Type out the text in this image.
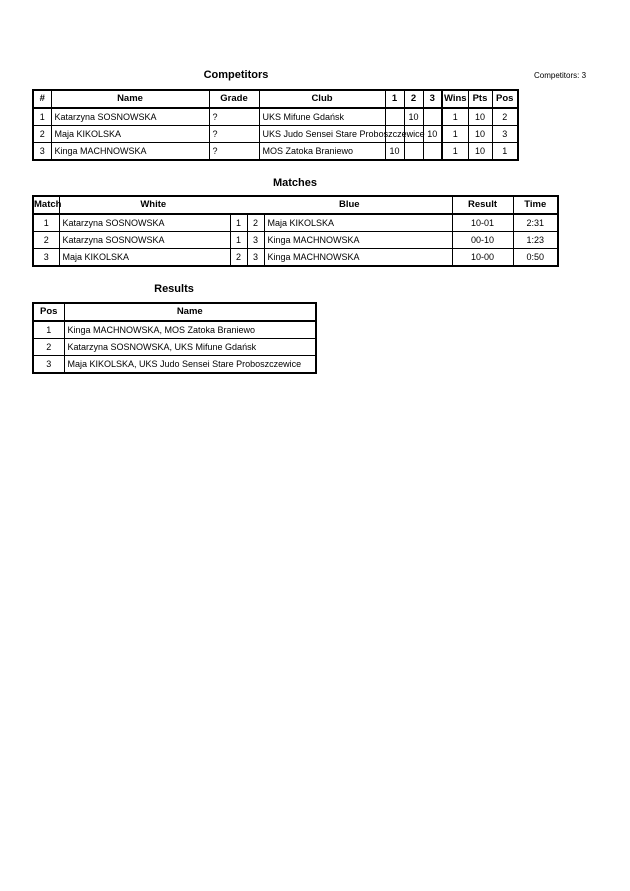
Competitors	Competitors: 3
#	Name	Grade	Club	1	2	3	Wins	Pts	Pos
1	Katarzyna SOSNOWSKA	?	UKS Mifune Gdańsk		10		1	10	2
2	Maja KIKOLSKA	?	UKS Judo Sensei Stare Proboszczewice			10	1	10	3
3	Kinga MACHNOWSKA	?	MOS Zatoka Braniewo	10			1	10	1
Matches
Match	White		Blue		Result	Time
1	Katarzyna SOSNOWSKA	1	2	Maja KIKOLSKA	10-01	2:31
2	Katarzyna SOSNOWSKA	1	3	Kinga MACHNOWSKA	00-10	1:23
3	Maja KIKOLSKA	2	3	Kinga MACHNOWSKA	10-00	0:50
Results
Pos	Name
1	Kinga MACHNOWSKA, MOS Zatoka Braniewo
2	Katarzyna SOSNOWSKA, UKS Mifune Gdańsk
3	Maja KIKOLSKA, UKS Judo Sensei Stare Proboszczewice
